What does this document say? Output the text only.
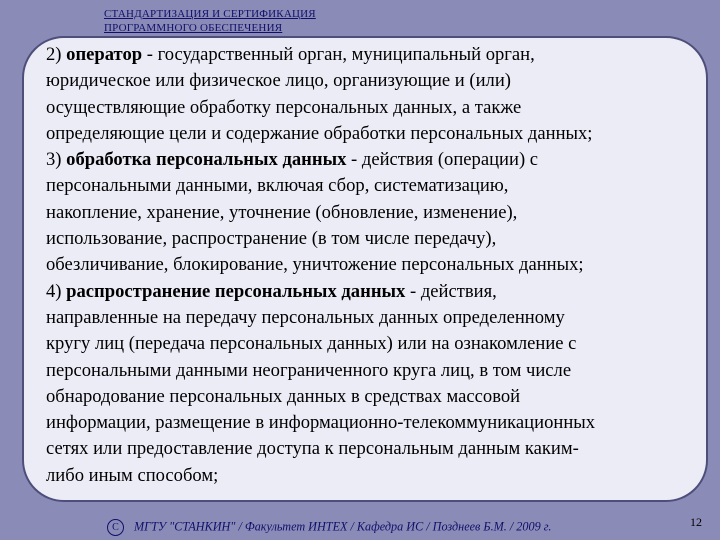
СТАНДАРТИЗАЦИЯ И СЕРТИФИКАЦИЯ
ПРОГРАММНОГО ОБЕСПЕЧЕНИЯ
2) оператор - государственный орган, муниципальный орган,
юридическое или физическое лицо, организующие и (или)
осуществляющие обработку персональных данных, а также
определяющие цели и содержание обработки персональных данных;
3) обработка персональных данных - действия (операции) с
персональными данными, включая сбор, систематизацию,
накопление, хранение, уточнение (обновление, изменение),
использование, распространение (в том числе передачу),
обезличивание, блокирование, уничтожение персональных данных;
4) распространение персональных данных - действия,
направленные на передачу персональных данных определенному
кругу лиц (передача персональных данных) или на ознакомление с
персональными данными неограниченного круга лиц, в том числе
обнародование персональных данных в средствах массовой
информации, размещение в информационно-телекоммуникационных
сетях или предоставление доступа к персональным данным каким-
либо иным способом;
С МГТУ "СТАНКИН" / Факультет ИНТЕХ / Кафедра ИС / Позднеев Б.М. / 2009 г.	12
